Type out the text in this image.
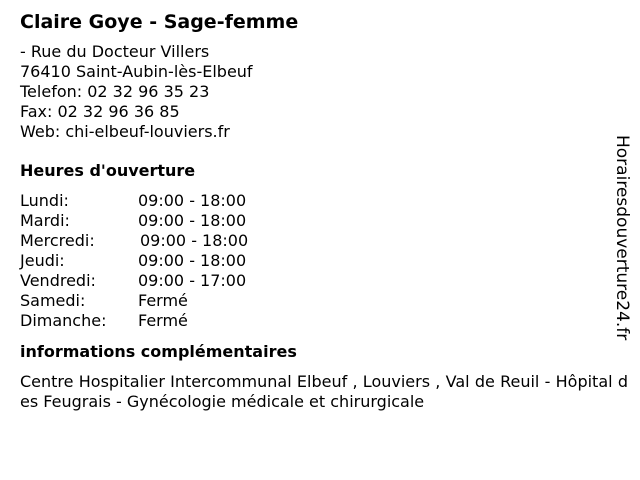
Claire Goye - Sage-femme
- Rue du Docteur Villers
76410 Saint-Aubin-lès-Elbeuf
Telefon: 02 32 96 35 23
Fax: 02 32 96 36 85
Web: chi-elbeuf-louviers.fr
Heures d'ouverture
Lundi:	09:00 - 18:00
Mardi:	09:00 - 18:00
Mercredi:	09:00 - 18:00
Jeudi:	09:00 - 18:00
Vendredi:	09:00 - 17:00
Samedi:	Fermé
Dimanche:	Fermé
informations complémentaires
Centre Hospitalier Intercommunal Elbeuf , Louviers , Val de Reuil - Hôpital des Feugrais - Gynécologie médicale et chirurgicale
Horairesdouverture24.fr
